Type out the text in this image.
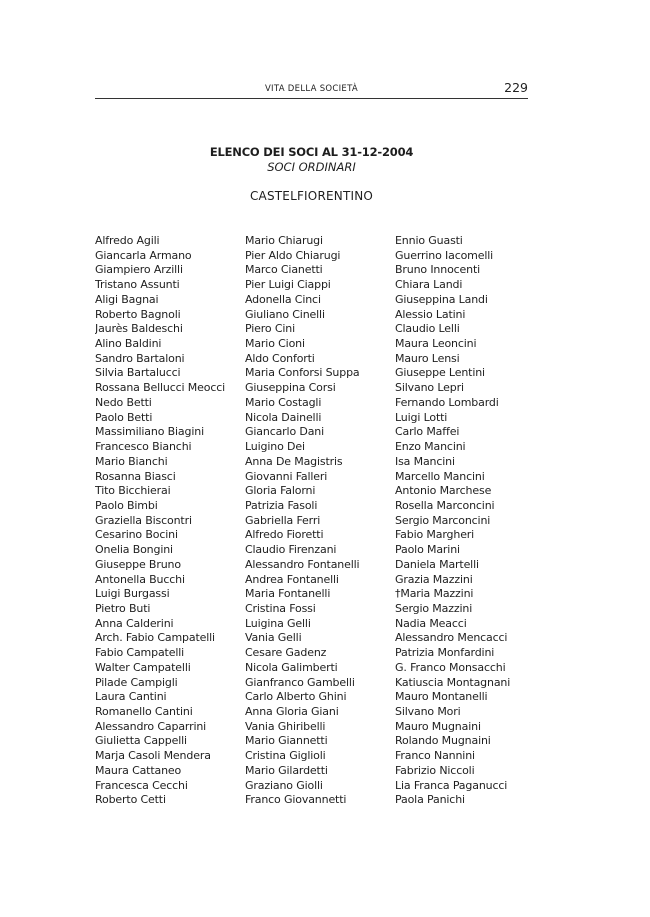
VITA DELLA SOCIETÀ	229
ELENCO DEI SOCI AL 31-12-2004
SOCI ORDINARI
CASTELFIORENTINO
Alfredo Agili
Giancarla Armano
Giampiero Arzilli
Tristano Assunti
Aligi Bagnai
Roberto Bagnoli
Jaurès Baldeschi
Alino Baldini
Sandro Bartaloni
Silvia Bartalucci
Rossana Bellucci Meocci
Nedo Betti
Paolo Betti
Massimiliano Biagini
Francesco Bianchi
Mario Bianchi
Rosanna Biasci
Tito Bicchierai
Paolo Bimbi
Graziella Biscontri
Cesarino Bocini
Onelia Bongini
Giuseppe Bruno
Antonella Bucchi
Luigi Burgassi
Pietro Buti
Anna Calderini
Arch. Fabio Campatelli
Fabio Campatelli
Walter Campatelli
Pilade Campigli
Laura Cantini
Romanello Cantini
Alessandro Caparrini
Giulietta Cappelli
Marja Casoli Mendera
Maura Cattaneo
Francesca Cecchi
Roberto Cetti
Mario Chiarugi
Pier Aldo Chiarugi
Marco Cianetti
Pier Luigi Ciappi
Adonella Cinci
Giuliano Cinelli
Piero Cini
Mario Cioni
Aldo Conforti
Maria Conforsi Suppa
Giuseppina Corsi
Mario Costagli
Nicola Dainelli
Giancarlo Dani
Luigino Dei
Anna De Magistris
Giovanni Falleri
Gloria Falorni
Patrizia Fasoli
Gabriella Ferri
Alfredo Fioretti
Claudio Firenzani
Alessandro Fontanelli
Andrea Fontanelli
Maria Fontanelli
Cristina Fossi
Luigina Gelli
Vania Gelli
Cesare Gadenz
Nicola Galimberti
Gianfranco Gambelli
Carlo Alberto Ghini
Anna Gloria Giani
Vania Ghiribelli
Mario Giannetti
Cristina Giglioli
Mario Gilardetti
Graziano Giolli
Franco Giovannetti
Ennio Guasti
Guerrino Iacomelli
Bruno Innocenti
Chiara Landi
Giuseppina Landi
Alessio Latini
Claudio Lelli
Maura Leoncini
Mauro Lensi
Giuseppe Lentini
Silvano Lepri
Fernando Lombardi
Luigi Lotti
Carlo Maffei
Enzo Mancini
Isa Mancini
Marcello Mancini
Antonio Marchese
Rosella Marconcini
Sergio Marconcini
Fabio Margheri
Paolo Marini
Daniela Martelli
Grazia Mazzini
†Maria Mazzini
Sergio Mazzini
Nadia Meacci
Alessandro Mencacci
Patrizia Monfardini
G. Franco Monsacchi
Katiuscia Montagnani
Mauro Montanelli
Silvano Mori
Mauro Mugnaini
Rolando Mugnaini
Franco Nannini
Fabrizio Niccoli
Lia Franca Paganucci
Paola Panichi
